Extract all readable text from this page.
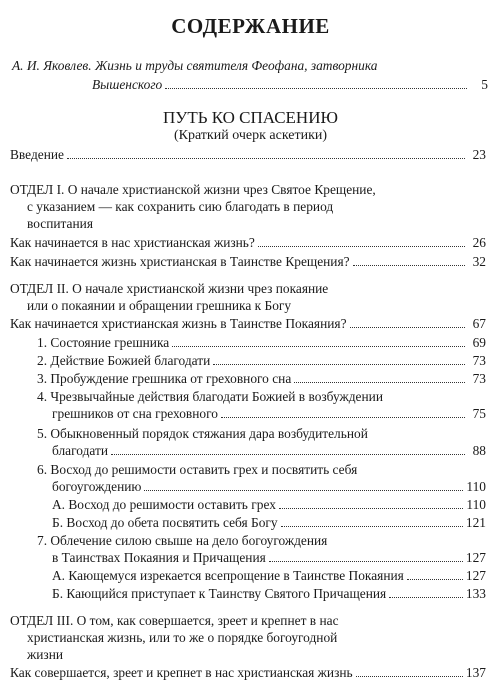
СОДЕРЖАНИЕ
А. И. Яковлев. Жизнь и труды святителя Феофана, затворника
Вышенского	5
ПУТЬ КО СПАСЕНИЮ
(Краткий очерк аскетики)
Введение	23
ОТДЕЛ I. О начале христианской жизни чрез Святое Крещение,
с указанием — как сохранить сию благодать в период
воспитания
Как начинается в нас христианская жизнь?	26
Как начинается жизнь христианская в Таинстве Крещения?	32
ОТДЕЛ II. О начале христианской жизни чрез покаяние
или о покаянии и обращении грешника к Богу
Как начинается христианская жизнь в Таинстве Покаяния?	67
1. Состояние грешника	69
2. Действие Божией благодати	73
3. Пробуждение грешника от греховного сна	73
4. Чрезвычайные действия благодати Божией в возбуждении
грешников от сна греховного	75
5. Обыкновенный порядок стяжания дара возбудительной
благодати	88
6. Восход до решимости оставить грех и посвятить себя
богоугождению	110
А. Восход до решимости оставить грех	110
Б. Восход до обета посвятить себя Богу	121
7. Облечение силою свыше на дело богоугождения
в Таинствах Покаяния и Причащения	127
А. Кающемуся изрекается всепрощение в Таинстве Покаяния	127
Б. Кающийся приступает к Таинству Святого Причащения	133
ОТДЕЛ III. О том, как совершается, зреет и крепнет в нас
христианская жизнь, или то же о порядке богоугодной
жизни
Как совершается, зреет и крепнет в нас христианская жизнь	137
